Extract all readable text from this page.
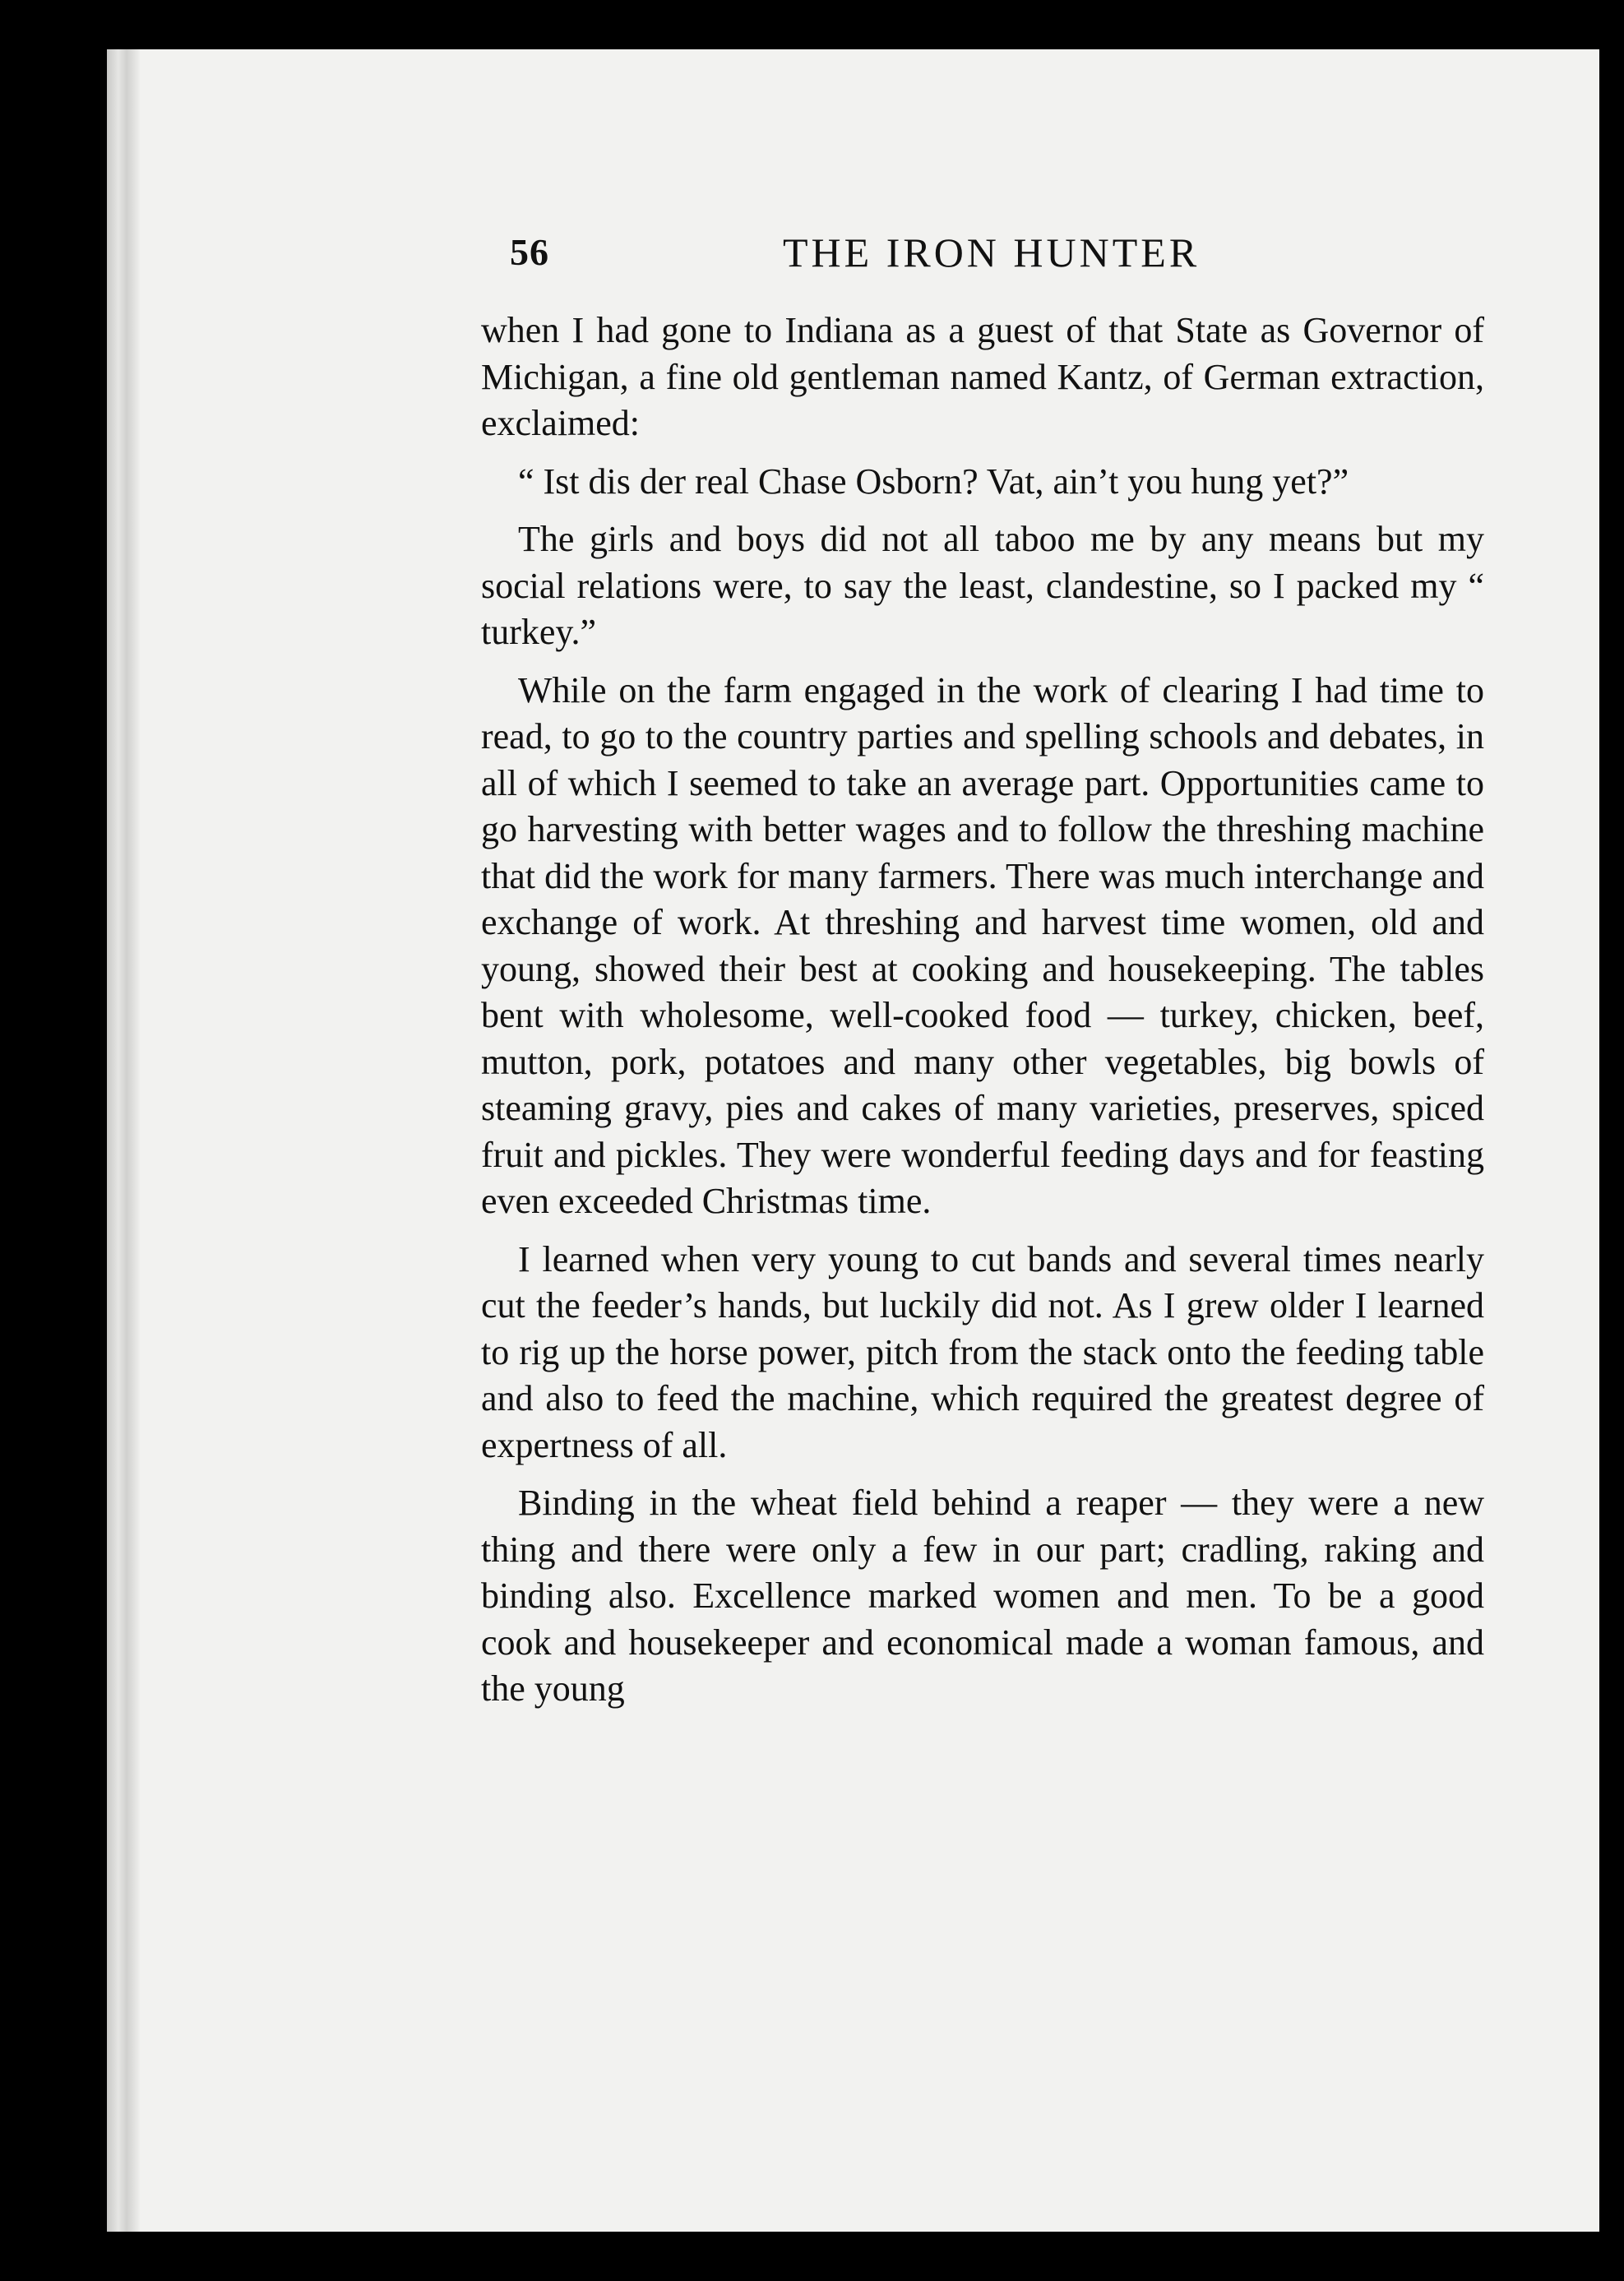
56	THE IRON HUNTER

when I had gone to Indiana as a guest of that State as Governor of Michigan, a fine old gentleman named Kantz, of German extraction, exclaimed:

“ Ist dis der real Chase Osborn? Vat, ain’t you hung yet?”

The girls and boys did not all taboo me by any means but my social relations were, to say the least, clandestine, so I packed my “ turkey.”

While on the farm engaged in the work of clearing I had time to read, to go to the country parties and spelling schools and debates, in all of which I seemed to take an average part. Opportunities came to go harvesting with better wages and to follow the threshing machine that did the work for many farmers. There was much interchange and exchange of work. At threshing and harvest time women, old and young, showed their best at cooking and housekeeping. The tables bent with wholesome, well-cooked food — turkey, chicken, beef, mutton, pork, potatoes and many other vegetables, big bowls of steaming gravy, pies and cakes of many varieties, preserves, spiced fruit and pickles. They were wonderful feeding days and for feasting even exceeded Christmas time.

I learned when very young to cut bands and several times nearly cut the feeder’s hands, but luckily did not. As I grew older I learned to rig up the horse power, pitch from the stack onto the feeding table and also to feed the machine, which required the greatest degree of expertness of all.

Binding in the wheat field behind a reaper — they were a new thing and there were only a few in our part; cradling, raking and binding also. Excellence marked women and men. To be a good cook and housekeeper and economical made a woman famous, and the young
